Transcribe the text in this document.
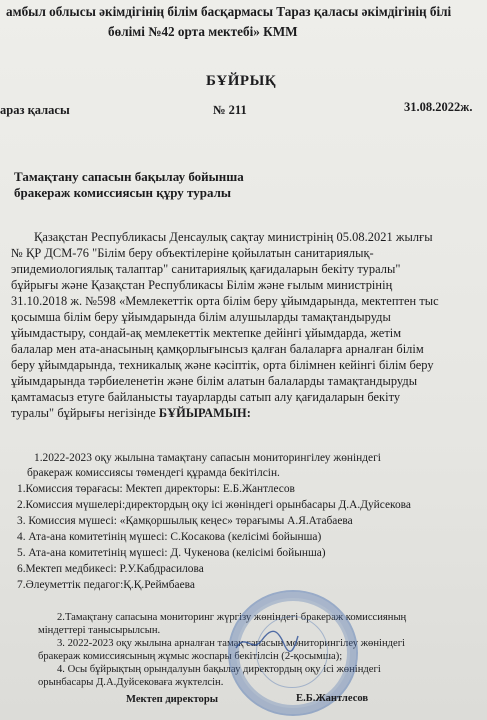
амбыл облысы әкімдігінің білім басқармасы Тараз қаласы әкімдігінің білі
бөлімі №42 орта мектебі» КММ
БҰЙРЫҚ
араз қаласы	№ 211	31.08.2022ж.
Тамақтану сапасын бақылау бойынша
бракераж комиссиясын құру туралы
Қазақстан Республикасы Денсаулық сақтау министрінің 05.08.2021 жылғы
№ ҚР ДСМ-76 "Білім беру объектілеріне қойылатын санитариялық-
эпидемиологиялық талаптар" санитариялық қағидаларын бекіту туралы"
бұйрығы және Қазақстан Республикасы Білім және ғылым министрінің
31.10.2018 ж. №598 «Мемлекеттік орта білім беру ұйымдарында, мектептен тыс
қосымша білім беру ұйымдарында білім алушыларды тамақтандыруды
ұйымдастыру, сондай-ақ мемлекеттік мектепке дейінгі ұйымдарда, жетім
балалар мен ата-анасының қамқорлығынсыз қалған балаларға арналған білім
беру ұйымдарында, техникалық және кәсіптік, орта білімнен кейінгі білім беру
ұйымдарында тәрбиеленетін және білім алатын балаларды тамақтандыруды
қамтамасыз етуге байланысты тауарларды сатып алу қағидаларын бекіту
туралы" бұйрығы негізінде БҰЙЫРАМЫН:
1.2022-2023 оқу жылына тамақтану сапасын мониторингілеу жөніндегі
бракераж комиссиясы төмендегі құрамда бекітілсін.
1.Комиссия төрағасы: Мектеп директоры: Е.Б.Жантлесов
2.Комиссия мүшелері:директордың оқу ісі жөніндегі орынбасары Д.А.Дуйсекова
3. Комиссия мүшесі: «Қамқоршылық кеңес» төрағымы А.Я.Атабаева
4. Ата-ана комитетінің мүшесі: С.Косакова (келісімі бойынша)
5. Ата-ана комитетінің мүшесі: Д. Чукенова (келісімі бойынша)
6.Мектеп медбикесі: Р.У.Кабдрасилова
7.Әлеуметтік педагог:Қ.Қ.Реймбаева
2.Тамақтану сапасына мониторинг жүргізу жөніндегі бракераж комиссияның
міндеттері танысырылсын.
3. 2022-2023 оқу жылына арналған тамақ сапасын мониторингілеу жөніндегі
бракераж комиссиясының жұмыс жоспары бекітілсін (2-қосымша);
4. Осы бұйрықтың орындалуын бақылау директордың оқу ісі жөніндегі
орынбасары Д.А.Дуйсековаға жүктелсін.
Мектеп директоры	Е.Б.Жантлесов
